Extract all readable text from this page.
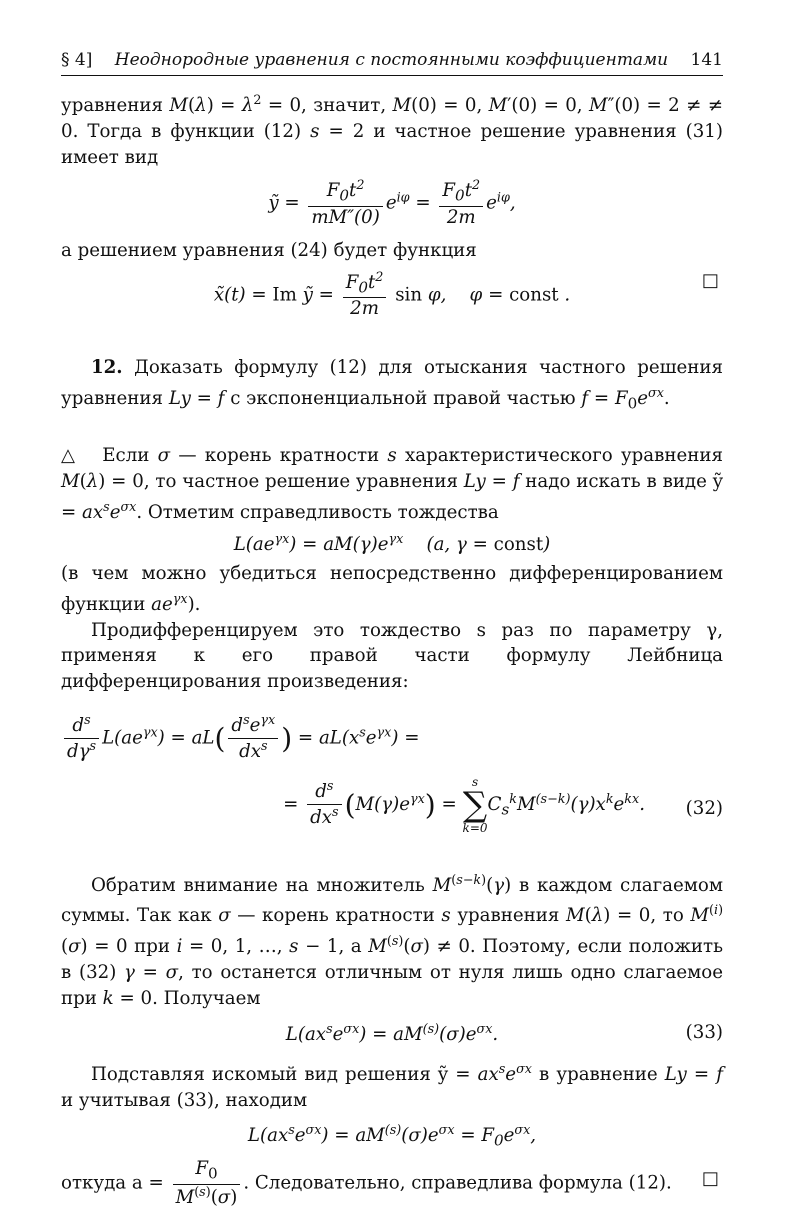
§ 4]	Неоднородные уравнения с постоянными коэффициентами	141

уравнения $M(\lambda) = \lambda^2 = 0$, значит, M(0) = 0, M′(0) = 0, M″(0) = 2 ≠ ≠ 0. Тогда в функции (12) s = 2 и частное решение уравнения (31) имеет вид

ỹ = $\frac{F_0t^2}{mM''(0)} e^{i\varphi} = \frac{F_0t^2}{2m} e^{i\varphi}$,

а решением уравнения (24) будет функция

x̃(t) = Im ỹ = $\frac{F_0t^2}{2m}$ sin φ,    φ = const .
□

12. Доказать формулу (12) для отыскания частного решения уравнения Ly = f с экспоненциальной правой частью $f = F_0e^{\sigma x}$.

△   Если σ — корень кратности s характеристического уравнения M(λ) = 0, то частное решение уравнения Ly = f надо искать в виде ỹ = $ax^se^{\sigma x}$. Отметим справедливость тождества

$L(ae^{\gamma x}) = aM(\gamma)e^{\gamma x}$    (a, γ = const)

(в чем можно убедиться непосредственно дифференцированием функции $ae^{\gamma x}$).

Продифференцируем это тождество s раз по параметру γ, применяя к его правой части формулу Лейбница дифференцирования произведения:

$\frac{d^s}{d\gamma^s} L(ae^{\gamma x}) = aL( \frac{d^se^{\gamma x}}{dx^s}$ ) = $aL(x^se^{\gamma x})$ =

= $\frac{d^s}{dx^s} (M(\gamma)e^{\gamma x})$ =
s
∑
k=0
$C_s^kM^{(s-k)}(\gamma)x^ke^{kx}$. (32)

Обратим внимание на множитель $M^{(s-k)}(\gamma)$ в каждом слагаемом суммы. Так как σ — корень кратности s уравнения M(λ) = 0, то $M^{(i)}(\sigma) = 0$ при i = 0, 1, …, s − 1, а $M^{(s)}(\sigma) \ne 0$. Поэтому, если положить в (32) γ = σ, то останется отличным от нуля лишь одно слагаемое при k = 0. Получаем

$L(ax^se^{\sigma x}) = aM^{(s)}(\sigma)e^{\sigma x}$.	(33)

Подставляя искомый вид решения ỹ = $ax^se^{\sigma x}$ в уравнение Ly = f и учитывая (33), находим

$L(ax^se^{\sigma x}) = aM^{(s)}(\sigma)e^{\sigma x} = F_0e^{\sigma x}$,

откуда $a = \frac{F_0}{M^{(s)}(\sigma)}$ . Следовательно, справедлива формула (12). □
